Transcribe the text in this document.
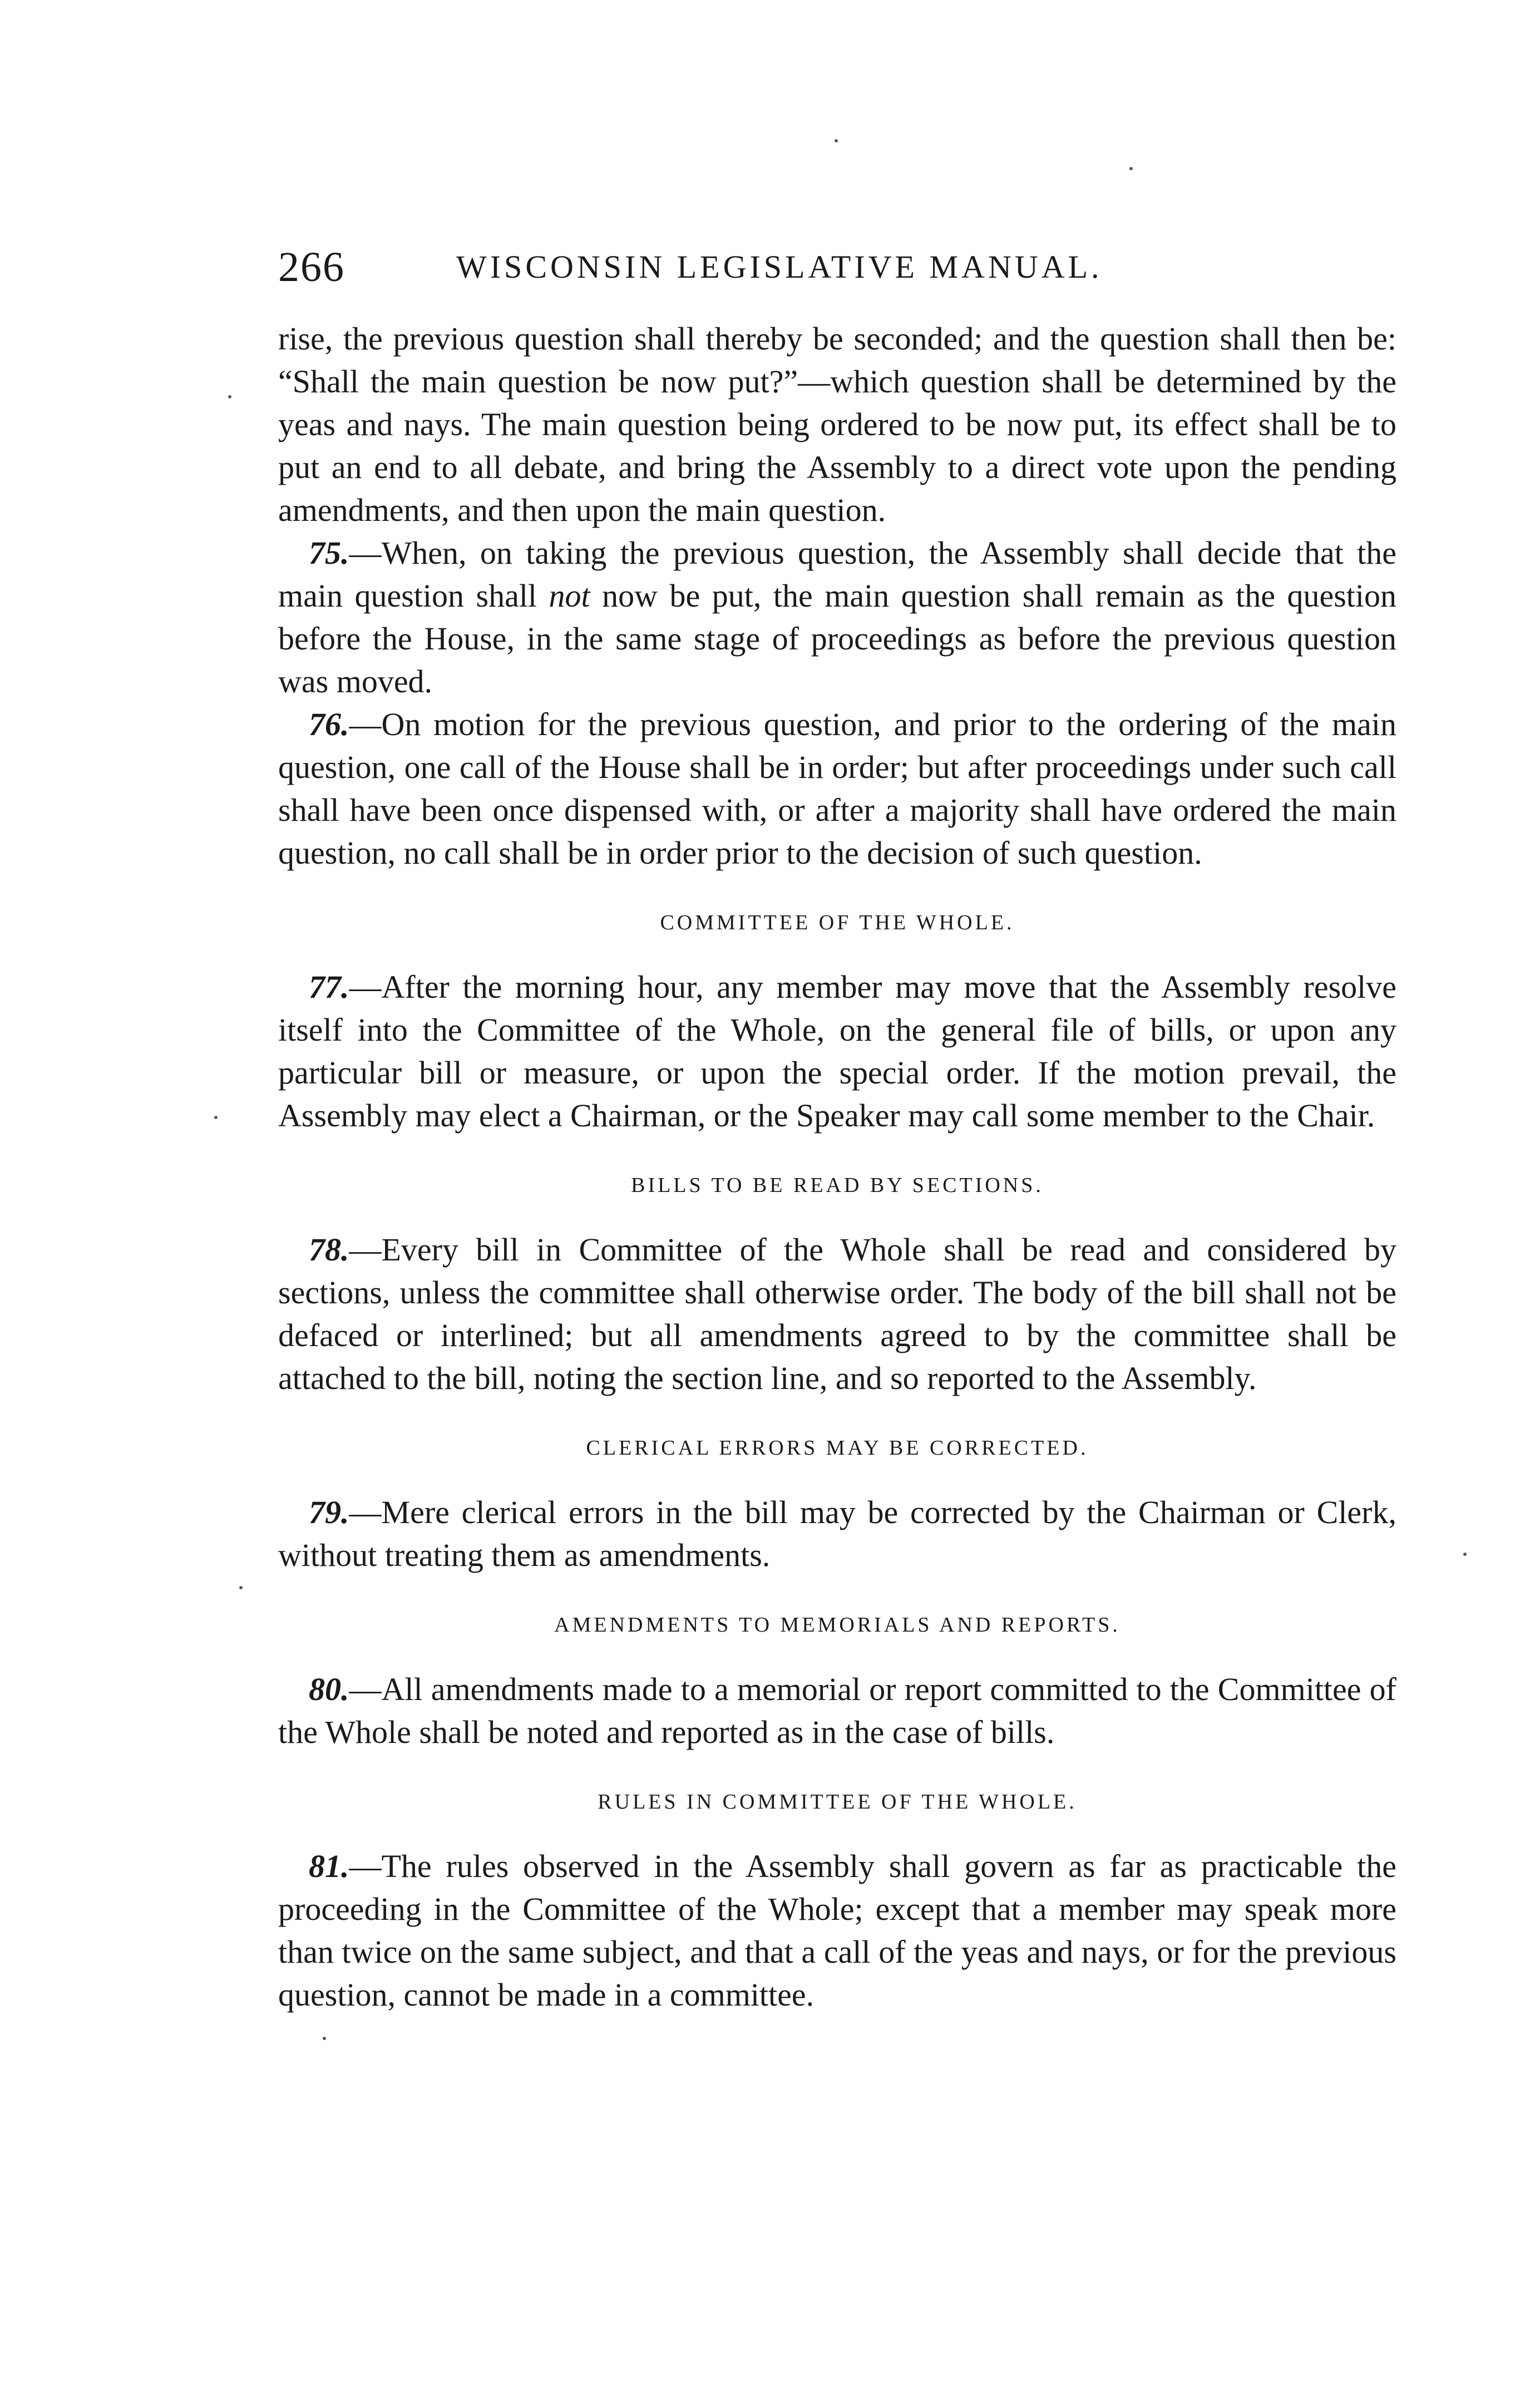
266	WISCONSIN LEGISLATIVE MANUAL.

rise, the previous question shall thereby be seconded; and the question shall then be: “Shall the main question be now put?”—which question shall be determined by the yeas and nays. The main question being ordered to be now put, its effect shall be to put an end to all debate, and bring the Assembly to a direct vote upon the pending amendments, and then upon the main question.

75.—When, on taking the previous question, the Assembly shall decide that the main question shall not now be put, the main question shall remain as the question before the House, in the same stage of proceedings as before the previous question was moved.

76.—On motion for the previous question, and prior to the ordering of the main question, one call of the House shall be in order; but after proceedings under such call shall have been once dispensed with, or after a majority shall have ordered the main question, no call shall be in order prior to the decision of such question.

COMMITTEE OF THE WHOLE.

77.—After the morning hour, any member may move that the Assembly resolve itself into the Committee of the Whole, on the general file of bills, or upon any particular bill or measure, or upon the special order. If the motion prevail, the Assembly may elect a Chairman, or the Speaker may call some member to the Chair.

BILLS TO BE READ BY SECTIONS.

78.—Every bill in Committee of the Whole shall be read and considered by sections, unless the committee shall otherwise order. The body of the bill shall not be defaced or interlined; but all amendments agreed to by the committee shall be attached to the bill, noting the section line, and so reported to the Assembly.

CLERICAL ERRORS MAY BE CORRECTED.

79.—Mere clerical errors in the bill may be corrected by the Chairman or Clerk, without treating them as amendments.

AMENDMENTS TO MEMORIALS AND REPORTS.

80.—All amendments made to a memorial or report committed to the Committee of the Whole shall be noted and reported as in the case of bills.

RULES IN COMMITTEE OF THE WHOLE.

81.—The rules observed in the Assembly shall govern as far as practicable the proceeding in the Committee of the Whole; except that a member may speak more than twice on the same subject, and that a call of the yeas and nays, or for the previous question, cannot be made in a committee.
